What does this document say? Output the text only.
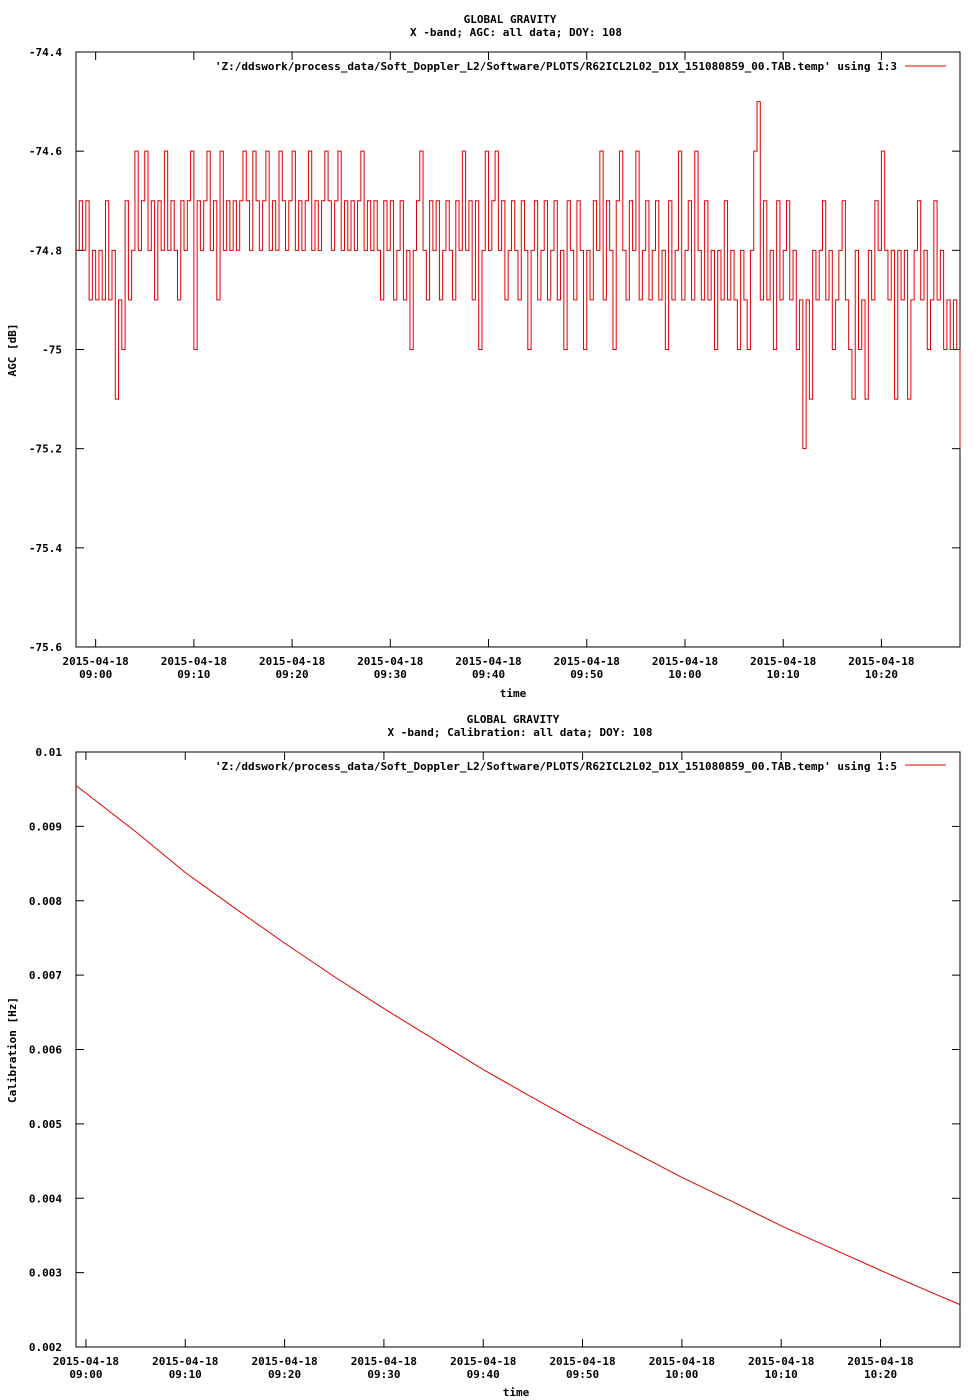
GLOBAL GRAVITY
X -band; AGC: all data; DOY: 108
-74.4
-74.6
-74.8
-75
-75.2
-75.4
-75.6
2015-04-18
09:00
2015-04-18
09:10
2015-04-18
09:20
2015-04-18
09:30
2015-04-18
09:40
2015-04-18
09:50
2015-04-18
10:00
2015-04-18
10:10
2015-04-18
10:20
AGC [dB]
time
'Z:/ddswork/process_data/Soft_Doppler_L2/Software/PLOTS/R62ICL2L02_D1X_151080859_00.TAB.temp' using 1:3
GLOBAL GRAVITY
X -band; Calibration: all data; DOY: 108
0.01
0.009
0.008
0.007
0.006
0.005
0.004
0.003
0.002
2015-04-18
09:00
2015-04-18
09:10
2015-04-18
09:20
2015-04-18
09:30
2015-04-18
09:40
2015-04-18
09:50
2015-04-18
10:00
2015-04-18
10:10
2015-04-18
10:20
Calibration [Hz]
time
'Z:/ddswork/process_data/Soft_Doppler_L2/Software/PLOTS/R62ICL2L02_D1X_151080859_00.TAB.temp' using 1:5
